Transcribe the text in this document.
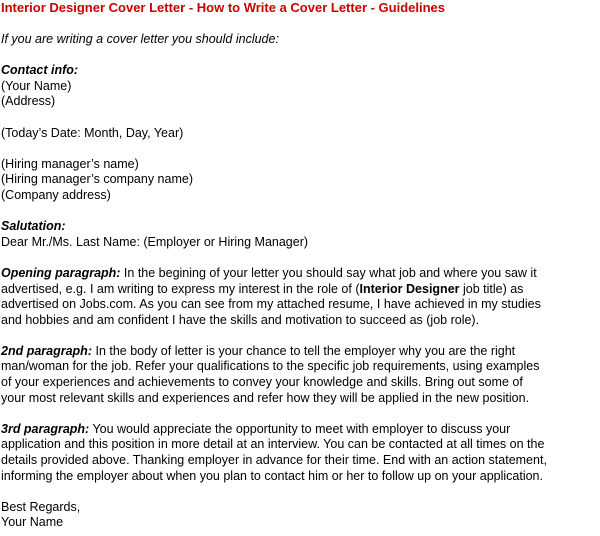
Interior Designer Cover Letter - How to Write a Cover Letter - Guidelines
If you are writing a cover letter you should include:
Contact info:
(Your Name)
(Address)
(Today’s Date: Month, Day, Year)
(Hiring manager’s name)
(Hiring manager’s company name)
(Company address)
Salutation:
Dear Mr./Ms. Last Name: (Employer or Hiring Manager)
Opening paragraph: In the begining of your letter you should say what job and where you saw it
advertised, e.g. I am writing to express my interest in the role of (Interior Designer job title) as
advertised on Jobs.com. As you can see from my attached resume, I have achieved in my studies
and hobbies and am confident I have the skills and motivation to succeed as (job role).
2nd paragraph: In the body of letter is your chance to tell the employer why you are the right
man/woman for the job. Refer your qualifications to the specific job requirements, using examples
of your experiences and achievements to convey your knowledge and skills. Bring out some of
your most relevant skills and experiences and refer how they will be applied in the new position.
3rd paragraph: You would appreciate the opportunity to meet with employer to discuss your
application and this position in more detail at an interview. You can be contacted at all times on the
details provided above. Thanking employer in advance for their time. End with an action statement,
informing the employer about when you plan to contact him or her to follow up on your application.
Best Regards,
Your Name
